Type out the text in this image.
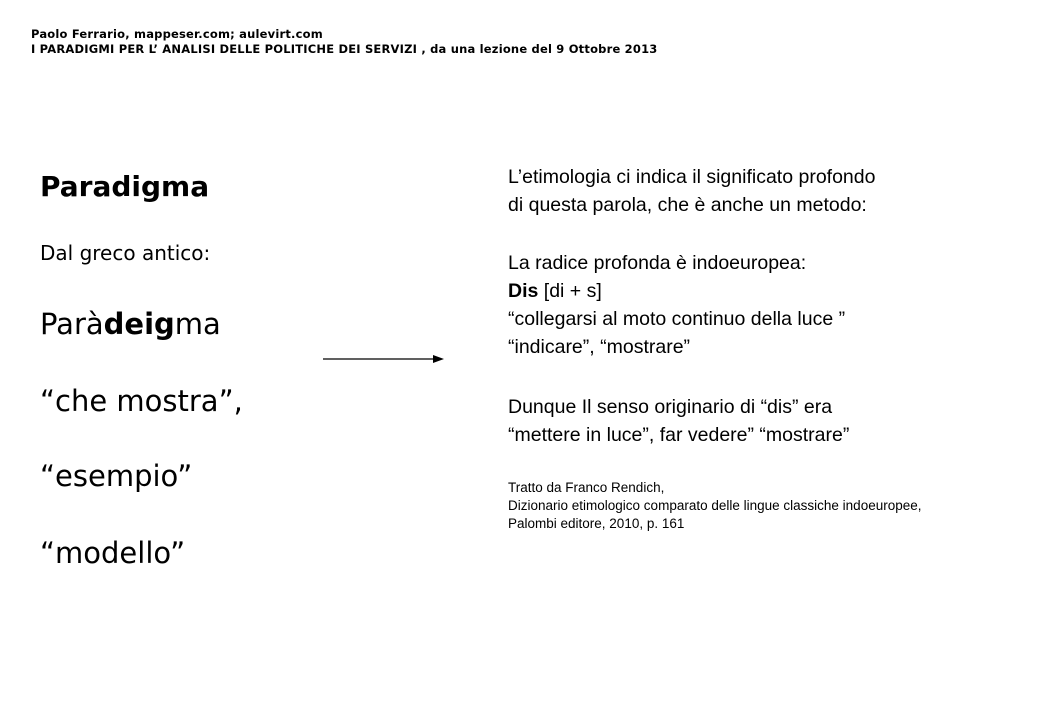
Paolo Ferrario, mappeser.com; aulevirt.com
I PARADIGMI PER L’ ANALISI DELLE POLITICHE DEI SERVIZI , da una lezione del 9 Ottobre 2013
Paradigma
Dal greco antico:
Paràdeigma
“che mostra”,
“esempio”
“modello”
L’etimologia ci indica il significato profondo
di questa parola, che è anche un metodo:
La radice profonda è indoeuropea:
Dis [di + s]
“collegarsi al moto continuo della luce ”
“indicare”, “mostrare”
Dunque Il senso originario di “dis” era
“mettere in luce”, far vedere” “mostrare”
Tratto da Franco Rendich,
Dizionario etimologico comparato delle lingue classiche indoeuropee,
Palombi editore, 2010, p. 161
